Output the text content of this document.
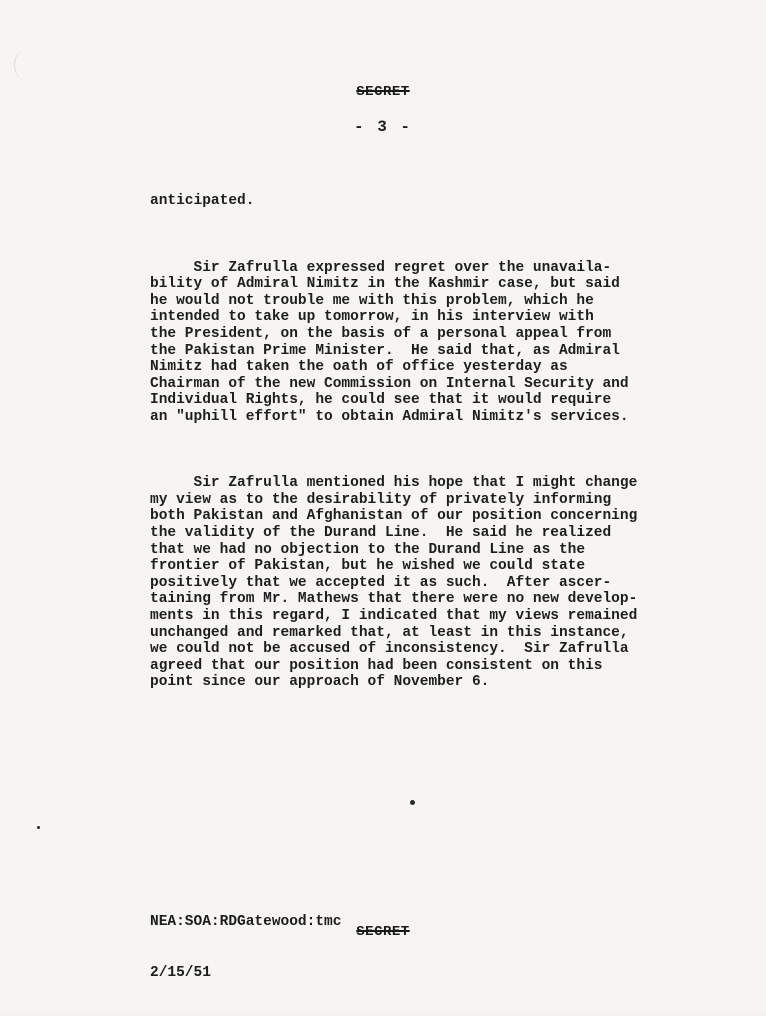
SECRET
- 3 -

anticipated.

Sir Zafrulla expressed regret over the unavaila-
bility of Admiral Nimitz in the Kashmir case, but said
he would not trouble me with this problem, which he
intended to take up tomorrow, in his interview with
the President, on the basis of a personal appeal from
the Pakistan Prime Minister.  He said that, as Admiral
Nimitz had taken the oath of office yesterday as
Chairman of the new Commission on Internal Security and
Individual Rights, he could see that it would require
an "uphill effort" to obtain Admiral Nimitz's services.

Sir Zafrulla mentioned his hope that I might change
my view as to the desirability of privately informing
both Pakistan and Afghanistan of our position concerning
the validity of the Durand Line.  He said he realized
that we had no objection to the Durand Line as the
frontier of Pakistan, but he wished we could state
positively that we accepted it as such.  After ascer-
taining from Mr. Mathews that there were no new develop-
ments in this regard, I indicated that my views remained
unchanged and remarked that, at least in this instance,
we could not be accused of inconsistency.  Sir Zafrulla
agreed that our position had been consistent on this
point since our approach of November 6.

NEA:SOA:RDGatewood:tmc

2/15/51

SECRET
